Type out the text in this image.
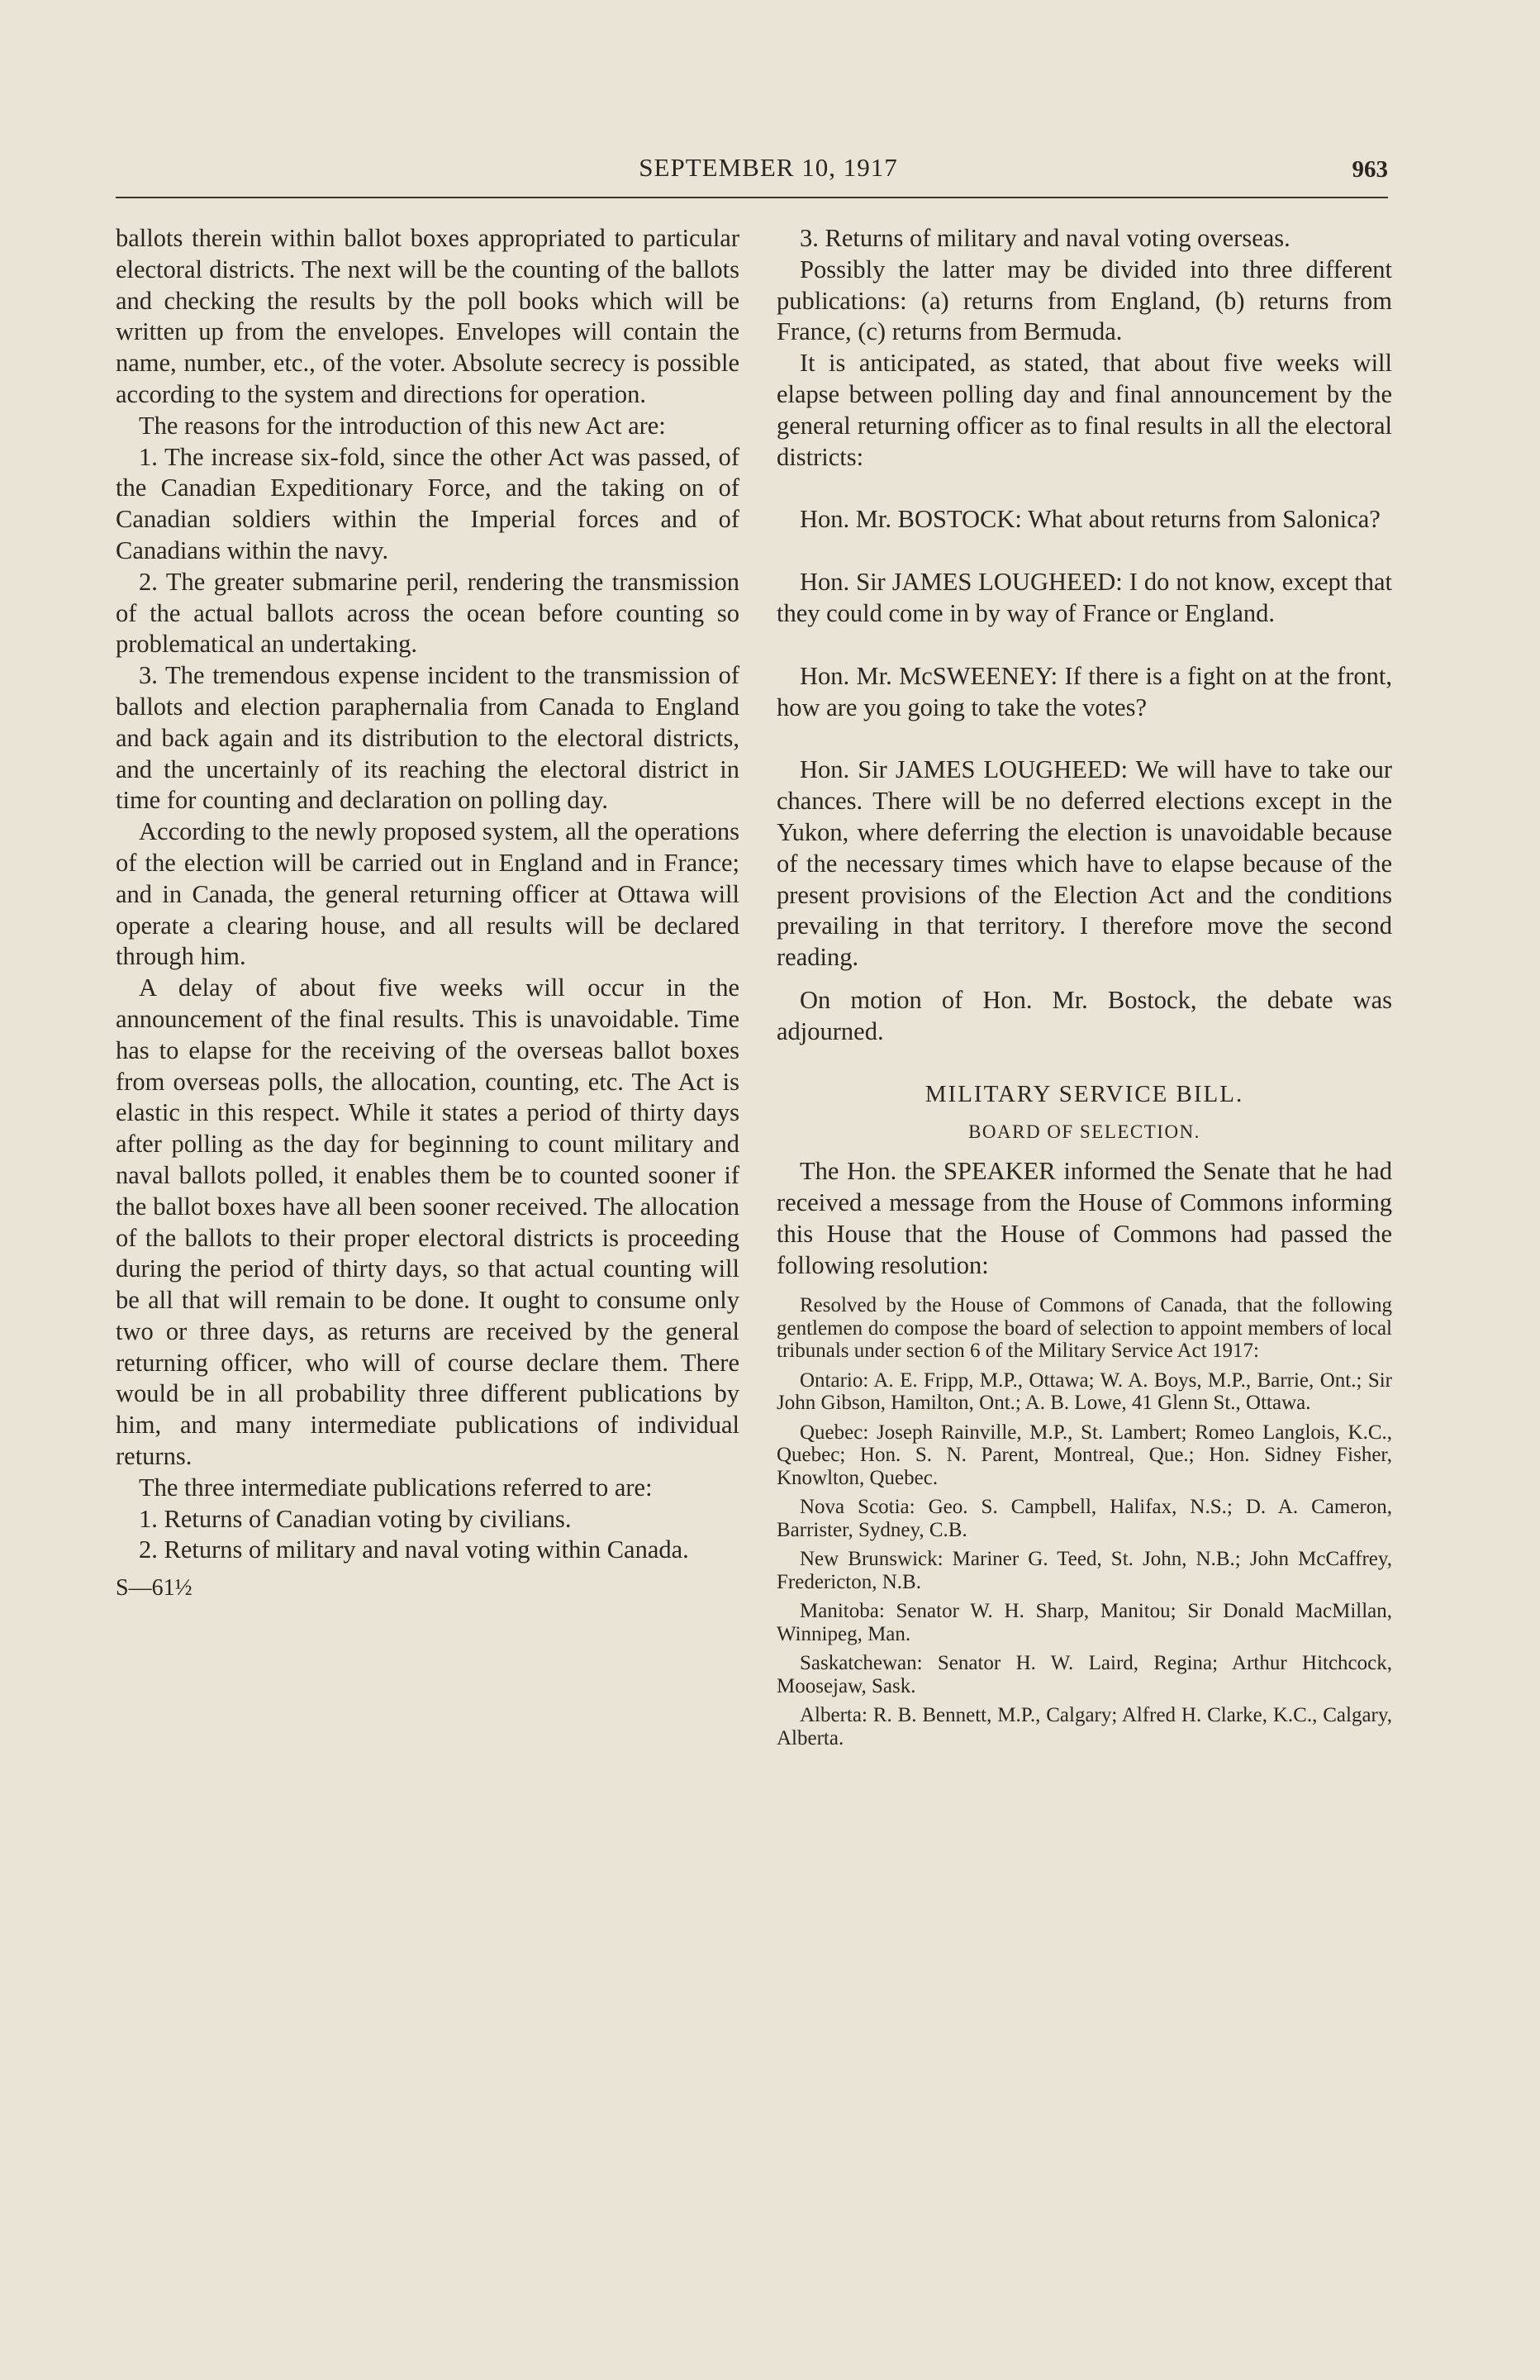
SEPTEMBER 10, 1917	963

ballots therein within ballot boxes appropriated to particular electoral districts. The next will be the counting of the ballots and checking the results by the poll books which will be written up from the envelopes. Envelopes will contain the name, number, etc., of the voter. Absolute secrecy is possible according to the system and directions for operation.

The reasons for the introduction of this new Act are:

1. The increase six-fold, since the other Act was passed, of the Canadian Expeditionary Force, and the taking on of Canadian soldiers within the Imperial forces and of Canadians within the navy.

2. The greater submarine peril, rendering the transmission of the actual ballots across the ocean before counting so problematical an undertaking.

3. The tremendous expense incident to the transmission of ballots and election paraphernalia from Canada to England and back again and its distribution to the electoral districts, and the uncertainly of its reaching the electoral district in time for counting and declaration on polling day.

According to the newly proposed system, all the operations of the election will be carried out in England and in France; and in Canada, the general returning officer at Ottawa will operate a clearing house, and all results will be declared through him.

A delay of about five weeks will occur in the announcement of the final results. This is unavoidable. Time has to elapse for the receiving of the overseas ballot boxes from overseas polls, the allocation, counting, etc. The Act is elastic in this respect. While it states a period of thirty days after polling as the day for beginning to count military and naval ballots polled, it enables them be to counted sooner if the ballot boxes have all been sooner received. The allocation of the ballots to their proper electoral districts is proceeding during the period of thirty days, so that actual counting will be all that will remain to be done. It ought to consume only two or three days, as returns are received by the general returning officer, who will of course declare them. There would be in all probability three different publications by him, and many intermediate publications of individual returns.

The three intermediate publications referred to are:

1. Returns of Canadian voting by civilians.

2. Returns of military and naval voting within Canada.

S—61½

3. Returns of military and naval voting overseas.

Possibly the latter may be divided into three different publications: (a) returns from England, (b) returns from France, (c) returns from Bermuda.

It is anticipated, as stated, that about five weeks will elapse between polling day and final announcement by the general returning officer as to final results in all the electoral districts:

Hon. Mr. BOSTOCK: What about returns from Salonica?

Hon. Sir JAMES LOUGHEED: I do not know, except that they could come in by way of France or England.

Hon. Mr. McSWEENEY: If there is a fight on at the front, how are you going to take the votes?

Hon. Sir JAMES LOUGHEED: We will have to take our chances. There will be no deferred elections except in the Yukon, where deferring the election is unavoidable because of the necessary times which have to elapse because of the present provisions of the Election Act and the conditions prevailing in that territory. I therefore move the second reading.

On motion of Hon. Mr. Bostock, the debate was adjourned.

MILITARY SERVICE BILL.

BOARD OF SELECTION.

The Hon. the SPEAKER informed the Senate that he had received a message from the House of Commons informing this House that the House of Commons had passed the following resolution:

Resolved by the House of Commons of Canada, that the following gentlemen do compose the board of selection to appoint members of local tribunals under section 6 of the Military Service Act 1917:

Ontario: A. E. Fripp, M.P., Ottawa; W. A. Boys, M.P., Barrie, Ont.; Sir John Gibson, Hamilton, Ont.; A. B. Lowe, 41 Glenn St., Ottawa.

Quebec: Joseph Rainville, M.P., St. Lambert; Romeo Langlois, K.C., Quebec; Hon. S. N. Parent, Montreal, Que.; Hon. Sidney Fisher, Knowlton, Quebec.

Nova Scotia: Geo. S. Campbell, Halifax, N.S.; D. A. Cameron, Barrister, Sydney, C.B.

New Brunswick: Mariner G. Teed, St. John, N.B.; John McCaffrey, Fredericton, N.B.

Manitoba: Senator W. H. Sharp, Manitou; Sir Donald MacMillan, Winnipeg, Man.

Saskatchewan: Senator H. W. Laird, Regina; Arthur Hitchcock, Moosejaw, Sask.

Alberta: R. B. Bennett, M.P., Calgary; Alfred H. Clarke, K.C., Calgary, Alberta.
